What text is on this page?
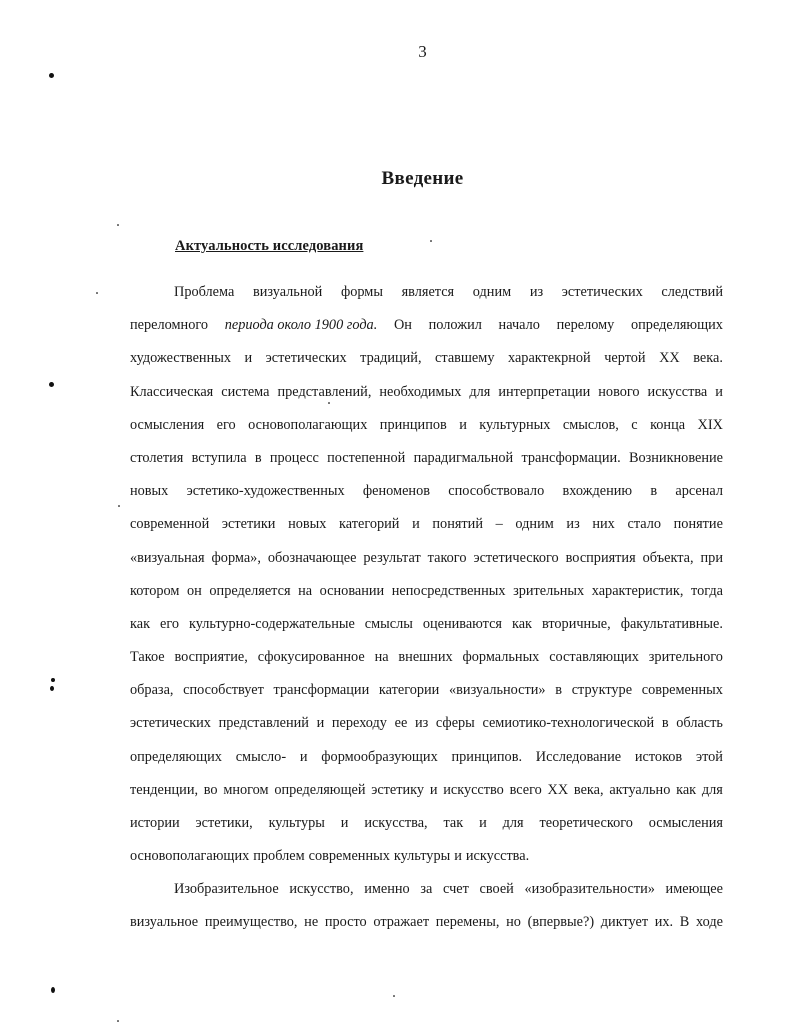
3
Введение
Актуальность исследования
Проблема визуальной формы является одним из эстетических следствий
переломного периода около 1900 года. Он положил начало перелому определяющих
художественных и эстетических традиций, ставшему характекрной чертой XX века.
Классическая система представлений, необходимых для интерпретации нового искусства и
осмысления его основополагающих принципов и культурных смыслов, с конца XIX
столетия вступила в процесс постепенной парадигмальной трансформации. Возникновение
новых эстетико-художественных феноменов способствовало вхождению в арсенал
современной эстетики новых категорий и понятий – одним из них стало понятие
«визуальная форма», обозначающее результат такого эстетического восприятия объекта, при
котором он определяется на основании непосредственных зрительных характеристик, тогда
как его культурно-содержательные смыслы оцениваются как вторичные, факультативные.
Такое восприятие, сфокусированное на внешних формальных составляющих зрительного
образа, способствует трансформации категории «визуальности» в структуре современных
эстетических представлений и переходу ее из сферы семиотико-технологической в область
определяющих смысло- и формообразующих принципов. Исследование истоков этой
тенденции, во многом определяющей эстетику и искусство всего XX века, актуально как для
истории эстетики, культуры и искусства, так и для теоретического осмысления
основополагающих проблем современных культуры и искусства.
Изобразительное искусство, именно за счет своей «изобразительности» имеющее
визуальное преимущество, не просто отражает перемены, но (впервые?) диктует их. В ходе
